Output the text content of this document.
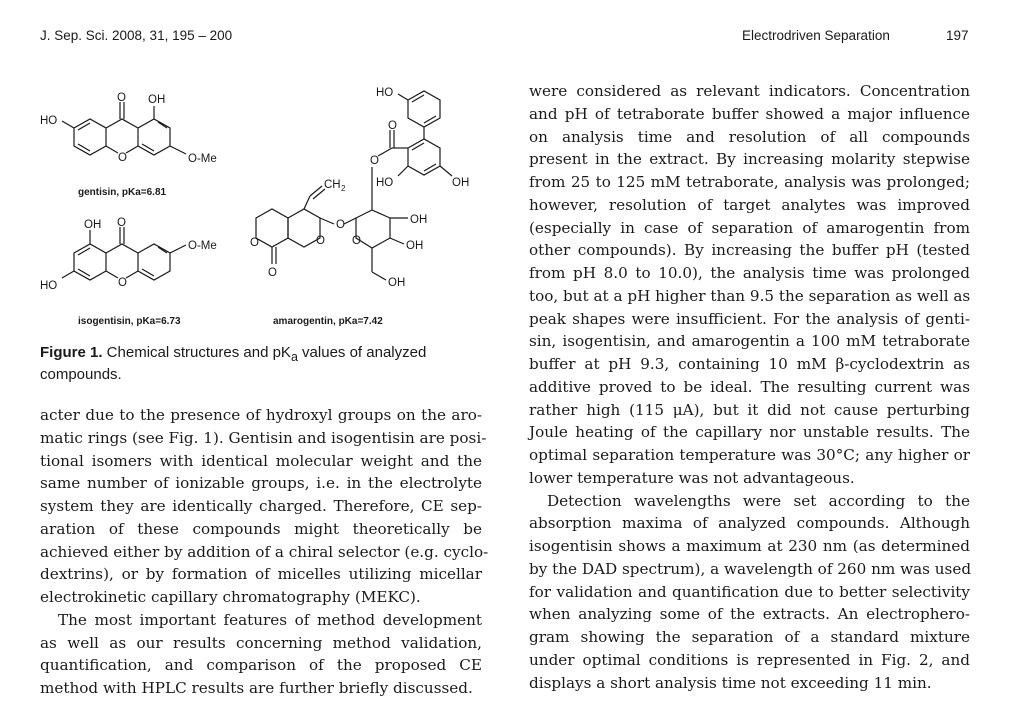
J. Sep. Sci. 2008, 31, 195 – 200	Electrodriven Separation	197
O OH
HO
O	O-Me
gentisin, pKa=6.81
O
OH
HO	O
O-Me
isogentisin, pKa=6.73
HO
HO	OH
O
O
OH
OH
OH
O
O
CH 2
O
O	O
amarogentin, pKa=7.42
Figure 1. Chemical structures and $pK_a$ values of analyzed compounds.
acter due to the presence of hydroxyl groups on the aro-
matic rings (see Fig. 1). Gentisin and isogentisin are posi-
tional isomers with identical molecular weight and the
same number of ionizable groups, i.e. in the electrolyte
system they are identically charged. Therefore, CE sep-
aration of these compounds might theoretically be
achieved either by addition of a chiral selector (e.g. cyclo-
dextrins), or by formation of micelles utilizing micellar
electrokinetic capillary chromatography (MEKC).
The most important features of method development
as well as our results concerning method validation,
quantification, and comparison of the proposed CE
method with HPLC results are further briefly discussed.
were considered as relevant indicators. Concentration
and pH of tetraborate buffer showed a major influence
on analysis time and resolution of all compounds
present in the extract. By increasing molarity stepwise
from 25 to 125 mM tetraborate, analysis was prolonged;
however, resolution of target analytes was improved
(especially in case of separation of amarogentin from
other compounds). By increasing the buffer pH (tested
from pH 8.0 to 10.0), the analysis time was prolonged
too, but at a pH higher than 9.5 the separation as well as
peak shapes were insufficient. For the analysis of genti-
sin, isogentisin, and amarogentin a 100 mM tetraborate
buffer at pH 9.3, containing 10 mM β-cyclodextrin as
additive proved to be ideal. The resulting current was
rather high (115 μA), but it did not cause perturbing
Joule heating of the capillary nor unstable results. The
optimal separation temperature was 30°C; any higher or
lower temperature was not advantageous.
Detection wavelengths were set according to the
absorption maxima of analyzed compounds. Although
isogentisin shows a maximum at 230 nm (as determined
by the DAD spectrum), a wavelength of 260 nm was used
for validation and quantification due to better selectivity
when analyzing some of the extracts. An electrophero-
gram showing the separation of a standard mixture
under optimal conditions is represented in Fig. 2, and
displays a short analysis time not exceeding 11 min.
